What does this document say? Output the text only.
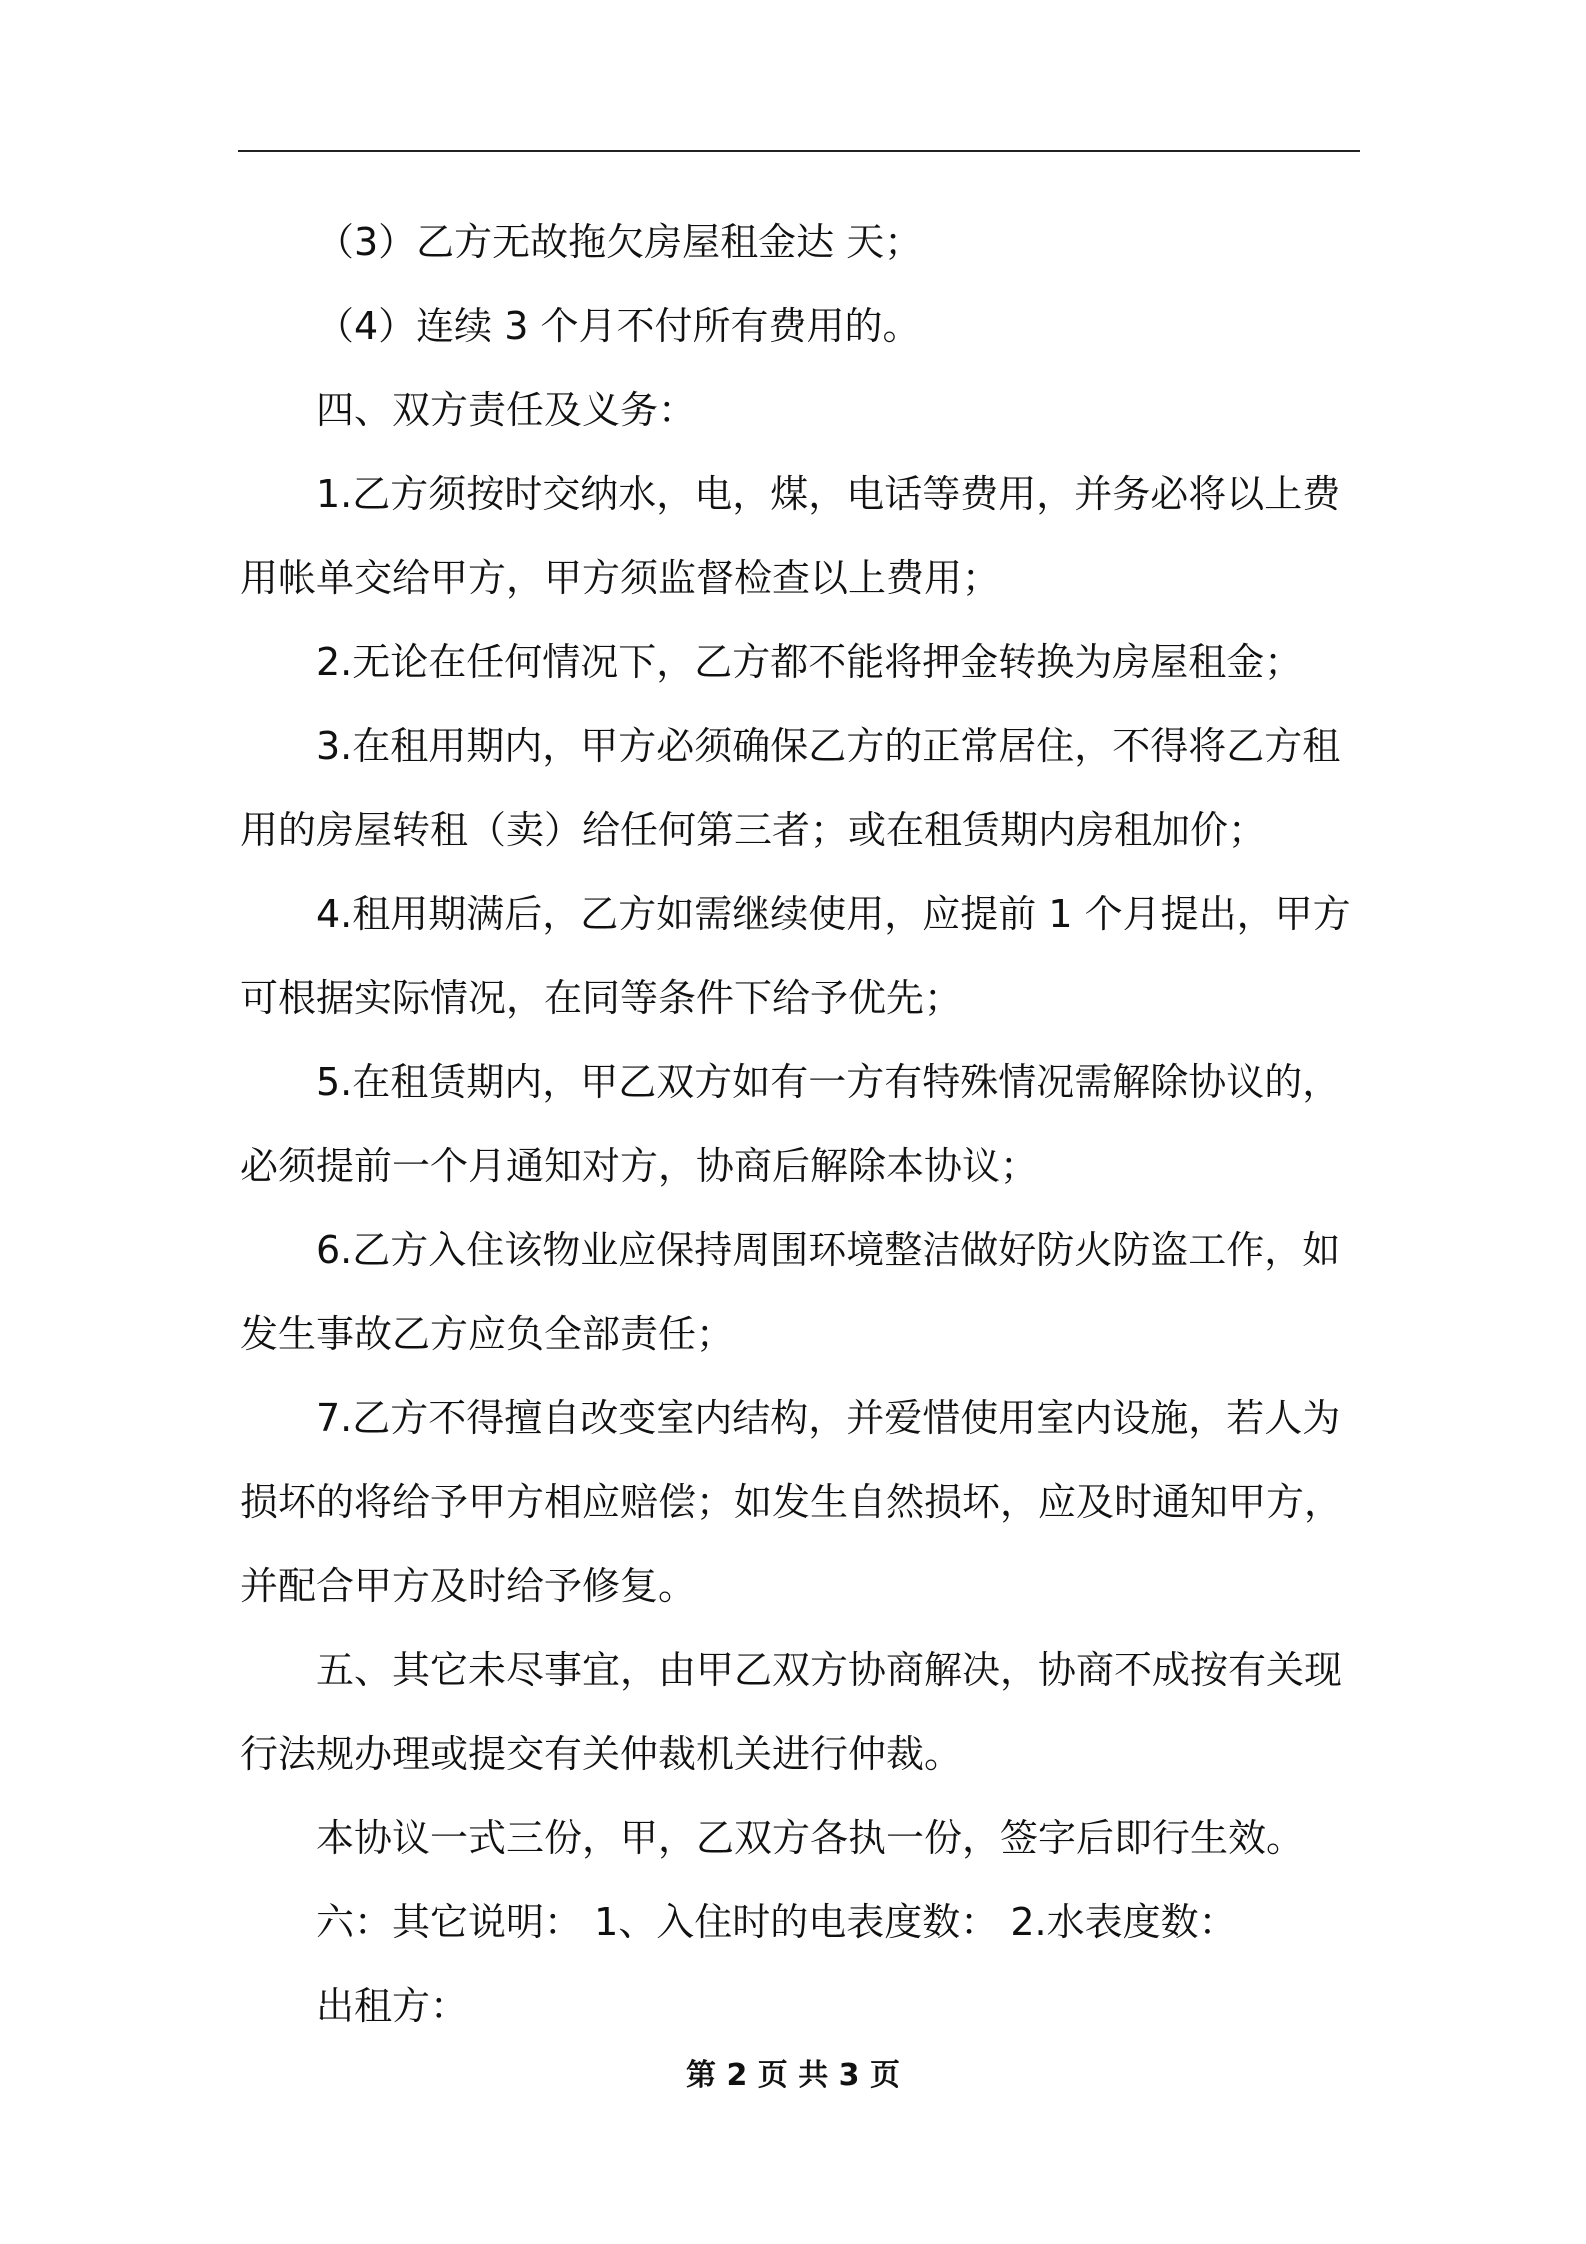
（3）乙方无故拖欠房屋租金达 天；

（4）连续 3 个月不付所有费用的。

四、双方责任及义务：

1.乙方须按时交纳水，电，煤，电话等费用，并务必将以上费用帐单交给甲方，甲方须监督检查以上费用；

2.无论在任何情况下，乙方都不能将押金转换为房屋租金；

3.在租用期内，甲方必须确保乙方的正常居住，不得将乙方租用的房屋转租（卖）给任何第三者；或在租赁期内房租加价；

4.租用期满后，乙方如需继续使用，应提前 1 个月提出，甲方可根据实际情况，在同等条件下给予优先；

5.在租赁期内，甲乙双方如有一方有特殊情况需解除协议的，必须提前一个月通知对方，协商后解除本协议；

6.乙方入住该物业应保持周围环境整洁做好防火防盗工作，如发生事故乙方应负全部责任；

7.乙方不得擅自改变室内结构，并爱惜使用室内设施，若人为损坏的将给予甲方相应赔偿；如发生自然损坏，应及时通知甲方，并配合甲方及时给予修复。

五、其它未尽事宜，由甲乙双方协商解决，协商不成按有关现行法规办理或提交有关仲裁机关进行仲裁。

本协议一式三份，甲，乙双方各执一份，签字后即行生效。

六：其它说明： 1、入住时的电表度数： 2.水表度数：

出租方：

第 2 页 共 3 页
